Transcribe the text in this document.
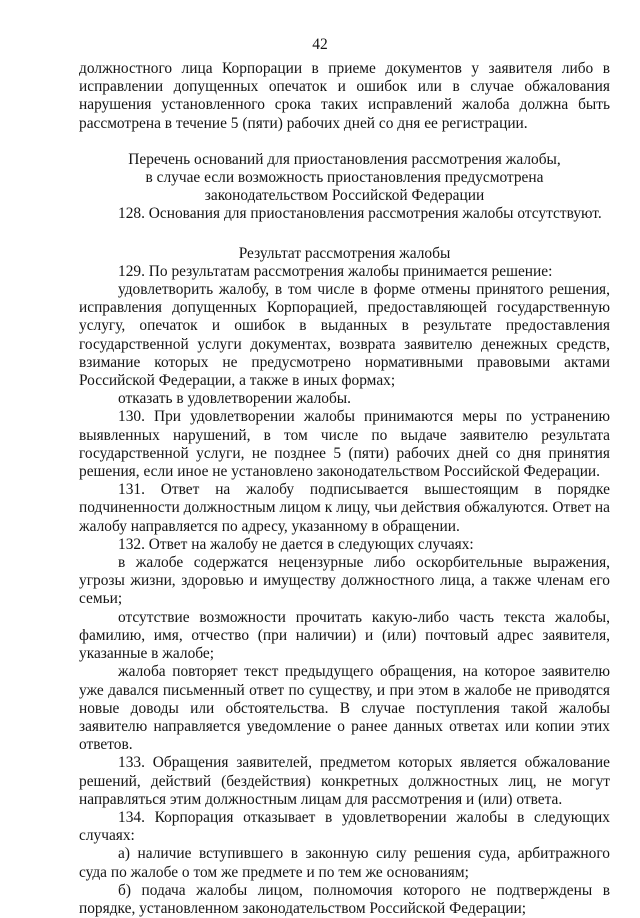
42

должностного лица Корпорации в приеме документов у заявителя либо в исправлении допущенных опечаток и ошибок или в случае обжалования нарушения установленного срока таких исправлений жалоба должна быть рассмотрена в течение 5 (пяти) рабочих дней со дня ее регистрации.

Перечень оснований для приостановления рассмотрения жалобы,

в случае если возможность приостановления предусмотрена

законодательством Российской Федерации

128. Основания для приостановления рассмотрения жалобы отсутствуют.

Результат рассмотрения жалобы

129. По результатам рассмотрения жалобы принимается решение:

удовлетворить жалобу, в том числе в форме отмены принятого решения, исправления допущенных Корпорацией, предоставляющей государственную услугу, опечаток и ошибок в выданных в результате предоставления государственной услуги документах, возврата заявителю денежных средств, взимание которых не предусмотрено нормативными правовыми актами Российской Федерации, а также в иных формах;

отказать в удовлетворении жалобы.

130. При удовлетворении жалобы принимаются меры по устранению выявленных нарушений, в том числе по выдаче заявителю результата государственной услуги, не позднее 5 (пяти) рабочих дней со дня принятия решения, если иное не установлено законодательством Российской Федерации.

131. Ответ на жалобу подписывается вышестоящим в порядке подчиненности должностным лицом к лицу, чьи действия обжалуются. Ответ на жалобу направляется по адресу, указанному в обращении.

132. Ответ на жалобу не дается в следующих случаях:

в жалобе содержатся нецензурные либо оскорбительные выражения, угрозы жизни, здоровью и имуществу должностного лица, а также членам его семьи;

отсутствие возможности прочитать какую-либо часть текста жалобы, фамилию, имя, отчество (при наличии) и (или) почтовый адрес заявителя, указанные в жалобе;

жалоба повторяет текст предыдущего обращения, на которое заявителю уже давался письменный ответ по существу, и при этом в жалобе не приводятся новые доводы или обстоятельства. В случае поступления такой жалобы заявителю направляется уведомление о ранее данных ответах или копии этих ответов.

133. Обращения заявителей, предметом которых является обжалование решений, действий (бездействия) конкретных должностных лиц, не могут направляться этим должностным лицам для рассмотрения и (или) ответа.

134. Корпорация отказывает в удовлетворении жалобы в следующих случаях:

а) наличие вступившего в законную силу решения суда, арбитражного суда по жалобе о том же предмете и по тем же основаниям;

б) подача жалобы лицом, полномочия которого не подтверждены в порядке, установленном законодательством Российской Федерации;
